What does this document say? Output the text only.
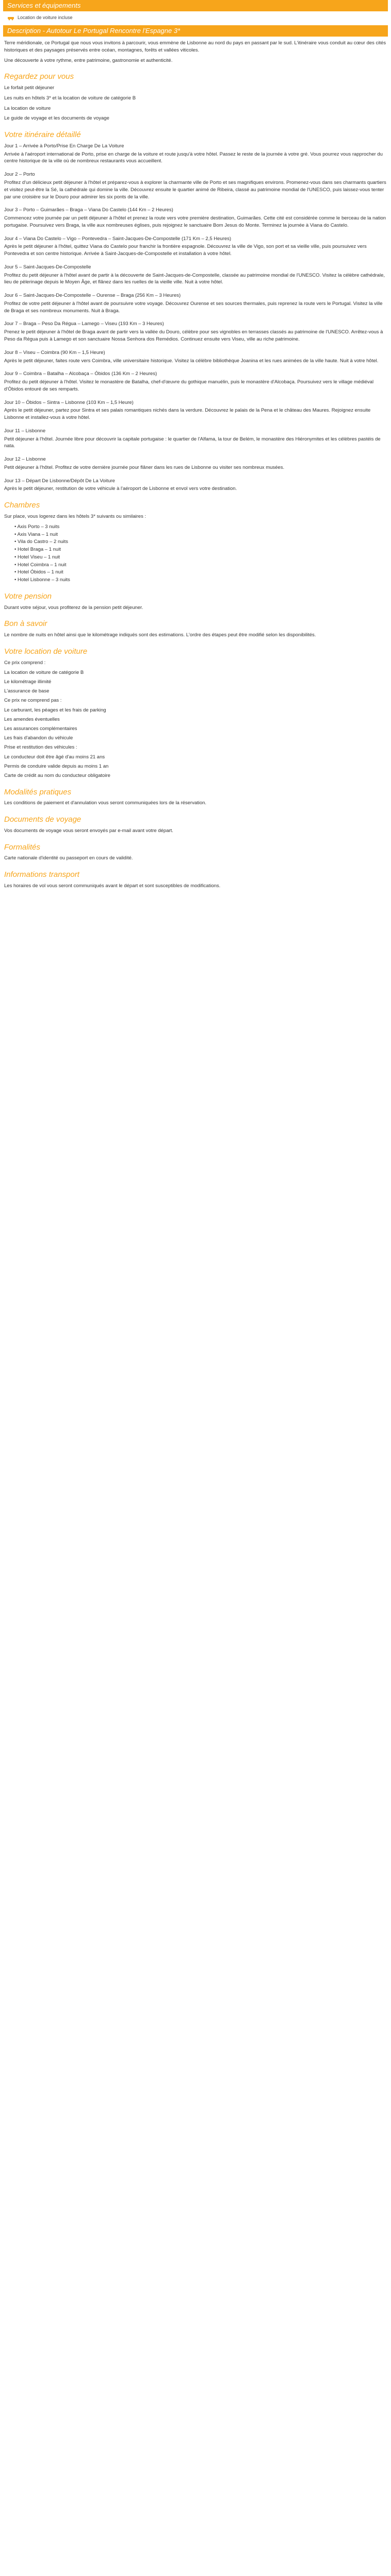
Services et équipements
Location de voiture incluse
Description - Autotour Le Portugal Rencontre l'Espagne 3*

Terre méridionale, ce Portugal que nous vous invitons à parcourir, vous emmène de Lisbonne au nord du pays en passant par le sud. L'itinéraire vous conduit au cœur des cités historiques et des paysages préservés entre océan, montagnes, forêts et vallées viticoles.

Une découverte à votre rythme, entre patrimoine, gastronomie et authenticité.

Regardez pour vous

Le forfait petit déjeuner

Les nuits en hôtels 3* et la location de voiture de catégorie B

La location de voiture

Le guide de voyage et les documents de voyage

Votre itinéraire détaillé
Jour 1 – Arrivée à Porto/Prise En Charge De La Voiture
Arrivée à l'aéroport international de Porto, prise en charge de la voiture et route jusqu'à votre hôtel. Passez le reste de la journée à votre gré. Vous pourrez vous rapprocher du centre historique de la ville où de nombreux restaurants vous accueillent.
Jour 2 – Porto
Profitez d'un délicieux petit déjeuner à l'hôtel et préparez-vous à explorer la charmante ville de Porto et ses magnifiques environs. Promenez-vous dans ses charmants quartiers et visitez peut-être la Sé, la cathédrale qui domine la ville. Découvrez ensuite le quartier animé de Ribeira, classé au patrimoine mondial de l'UNESCO, puis laissez-vous tenter par une croisière sur le Douro pour admirer les six ponts de la ville.
Jour 3 – Porto – Guimarães – Braga – Viana Do Castelo (144 Km – 2 Heures)
Commencez votre journée par un petit déjeuner à l'hôtel et prenez la route vers votre première destination, Guimarães. Cette cité est considérée comme le berceau de la nation portugaise. Poursuivez vers Braga, la ville aux nombreuses églises, puis rejoignez le sanctuaire Bom Jesus do Monte. Terminez la journée à Viana do Castelo.
Jour 4 – Viana Do Castelo – Vigo – Pontevedra – Saint-Jacques-De-Compostelle (171 Km – 2,5 Heures)
Après le petit déjeuner à l'hôtel, quittez Viana do Castelo pour franchir la frontière espagnole. Découvrez la ville de Vigo, son port et sa vieille ville, puis poursuivez vers Pontevedra et son centre historique. Arrivée à Saint-Jacques-de-Compostelle et installation à votre hôtel.
Jour 5 – Saint-Jacques-De-Compostelle
Profitez du petit déjeuner à l'hôtel avant de partir à la découverte de Saint-Jacques-de-Compostelle, classée au patrimoine mondial de l'UNESCO. Visitez la célèbre cathédrale, lieu de pèlerinage depuis le Moyen Âge, et flânez dans les ruelles de la vieille ville. Nuit à votre hôtel.
Jour 6 – Saint-Jacques-De-Compostelle – Ourense – Braga (256 Km – 3 Heures)
Profitez de votre petit déjeuner à l'hôtel avant de poursuivre votre voyage. Découvrez Ourense et ses sources thermales, puis reprenez la route vers le Portugal. Visitez la ville de Braga et ses nombreux monuments. Nuit à Braga.
Jour 7 – Braga – Peso Da Régua – Lamego – Viseu (193 Km – 3 Heures)
Prenez le petit déjeuner à l'hôtel de Braga avant de partir vers la vallée du Douro, célèbre pour ses vignobles en terrasses classés au patrimoine de l'UNESCO. Arrêtez-vous à Peso da Régua puis à Lamego et son sanctuaire Nossa Senhora dos Remédios. Continuez ensuite vers Viseu, ville au riche patrimoine.
Jour 8 – Viseu – Coimbra (90 Km – 1,5 Heure)
Après le petit déjeuner, faites route vers Coimbra, ville universitaire historique. Visitez la célèbre bibliothèque Joanina et les rues animées de la ville haute. Nuit à votre hôtel.
Jour 9 – Coimbra – Batalha – Alcobaça – Óbidos (136 Km – 2 Heures)
Profitez du petit déjeuner à l'hôtel. Visitez le monastère de Batalha, chef-d'œuvre du gothique manuélin, puis le monastère d'Alcobaça. Poursuivez vers le village médiéval d'Óbidos entouré de ses remparts.
Jour 10 – Óbidos – Sintra – Lisbonne (103 Km – 1,5 Heure)
Après le petit déjeuner, partez pour Sintra et ses palais romantiques nichés dans la verdure. Découvrez le palais de la Pena et le château des Maures. Rejoignez ensuite Lisbonne et installez-vous à votre hôtel.
Jour 11 – Lisbonne
Petit déjeuner à l'hôtel. Journée libre pour découvrir la capitale portugaise : le quartier de l'Alfama, la tour de Belém, le monastère des Hiéronymites et les célèbres pastéis de nata.
Jour 12 – Lisbonne
Petit déjeuner à l'hôtel. Profitez de votre dernière journée pour flâner dans les rues de Lisbonne ou visiter ses nombreux musées.
Jour 13 – Départ De Lisbonne/Dépôt De La Voiture
Après le petit déjeuner, restitution de votre véhicule à l'aéroport de Lisbonne et envol vers votre destination.
Chambres

Sur place, vous logerez dans les hôtels 3* suivants ou similaires :

• Axis Porto – 3 nuits
• Axis Viana – 1 nuit
• Vila do Castro – 2 nuits
• Hotel Braga – 1 nuit
• Hotel Viseu – 1 nuit
• Hotel Coimbra – 1 nuit
• Hotel Óbidos – 1 nuit
• Hotel Lisbonne – 3 nuits
Votre pension

Durant votre séjour, vous profiterez de la pension petit déjeuner.

Bon à savoir

Le nombre de nuits en hôtel ainsi que le kilométrage indiqués sont des estimations. L'ordre des étapes peut être modifié selon les disponibilités.

Votre location de voiture

Ce prix comprend :

La location de voiture de catégorie B

Le kilométrage illimité

L'assurance de base

Ce prix ne comprend pas :

Le carburant, les péages et les frais de parking

Les amendes éventuelles

Les assurances complémentaires

Les frais d'abandon du véhicule

Prise et restitution des véhicules :

Le conducteur doit être âgé d'au moins 21 ans

Permis de conduire valide depuis au moins 1 an

Carte de crédit au nom du conducteur obligatoire

Modalités pratiques

Les conditions de paiement et d'annulation vous seront communiquées lors de la réservation.

Documents de voyage

Vos documents de voyage vous seront envoyés par e-mail avant votre départ.

Formalités

Carte nationale d'identité ou passeport en cours de validité.

Informations transport

Les horaires de vol vous seront communiqués avant le départ et sont susceptibles de modifications.
